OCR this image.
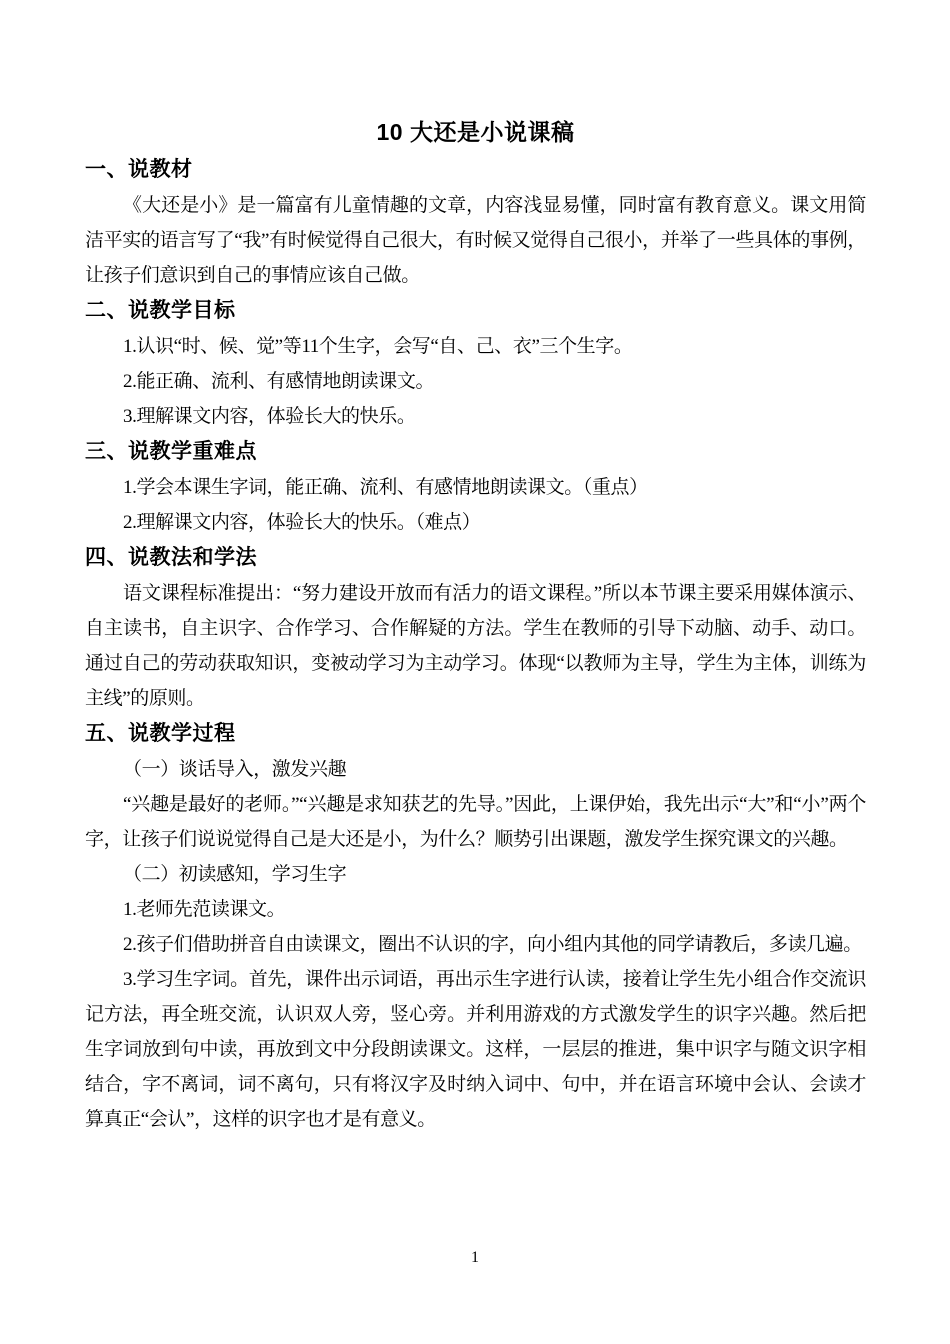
10 大还是小说课稿
一、说教材

《大还是小》是一篇富有儿童情趣的文章，内容浅显易懂，同时富有教育意义。课文用简洁平实的语言写了“我”有时候觉得自己很大，有时候又觉得自己很小，并举了一些具体的事例，让孩子们意识到自己的事情应该自己做。

二、说教学目标

1.认识“时、候、觉”等11个生字，会写“自、己、衣”三个生字。

2.能正确、流利、有感情地朗读课文。

3.理解课文内容，体验长大的快乐。

三、说教学重难点

1.学会本课生字词，能正确、流利、有感情地朗读课文。（重点）

2.理解课文内容，体验长大的快乐。（难点）

四、说教法和学法

语文课程标准提出：“努力建设开放而有活力的语文课程。”所以本节课主要采用媒体演示、自主读书，自主识字、合作学习、合作解疑的方法。学生在教师的引导下动脑、动手、动口。通过自己的劳动获取知识，变被动学习为主动学习。体现“以教师为主导，学生为主体，训练为主线”的原则。

五、说教学过程

（一）谈话导入，激发兴趣

“兴趣是最好的老师。”“兴趣是求知获艺的先导。”因此，上课伊始，我先出示“大”和“小”两个字，让孩子们说说觉得自己是大还是小，为什么？顺势引出课题，激发学生探究课文的兴趣。

（二）初读感知，学习生字

1.老师先范读课文。

2.孩子们借助拼音自由读课文，圈出不认识的字，向小组内其他的同学请教后，多读几遍。

3.学习生字词。首先，课件出示词语，再出示生字进行认读，接着让学生先小组合作交流识记方法，再全班交流，认识双人旁，竖心旁。并利用游戏的方式激发学生的识字兴趣。然后把生字词放到句中读，再放到文中分段朗读课文。这样，一层层的推进，集中识字与随文识字相结合，字不离词，词不离句，只有将汉字及时纳入词中、句中，并在语言环境中会认、会读才算真正“会认”，这样的识字也才是有意义。

1
